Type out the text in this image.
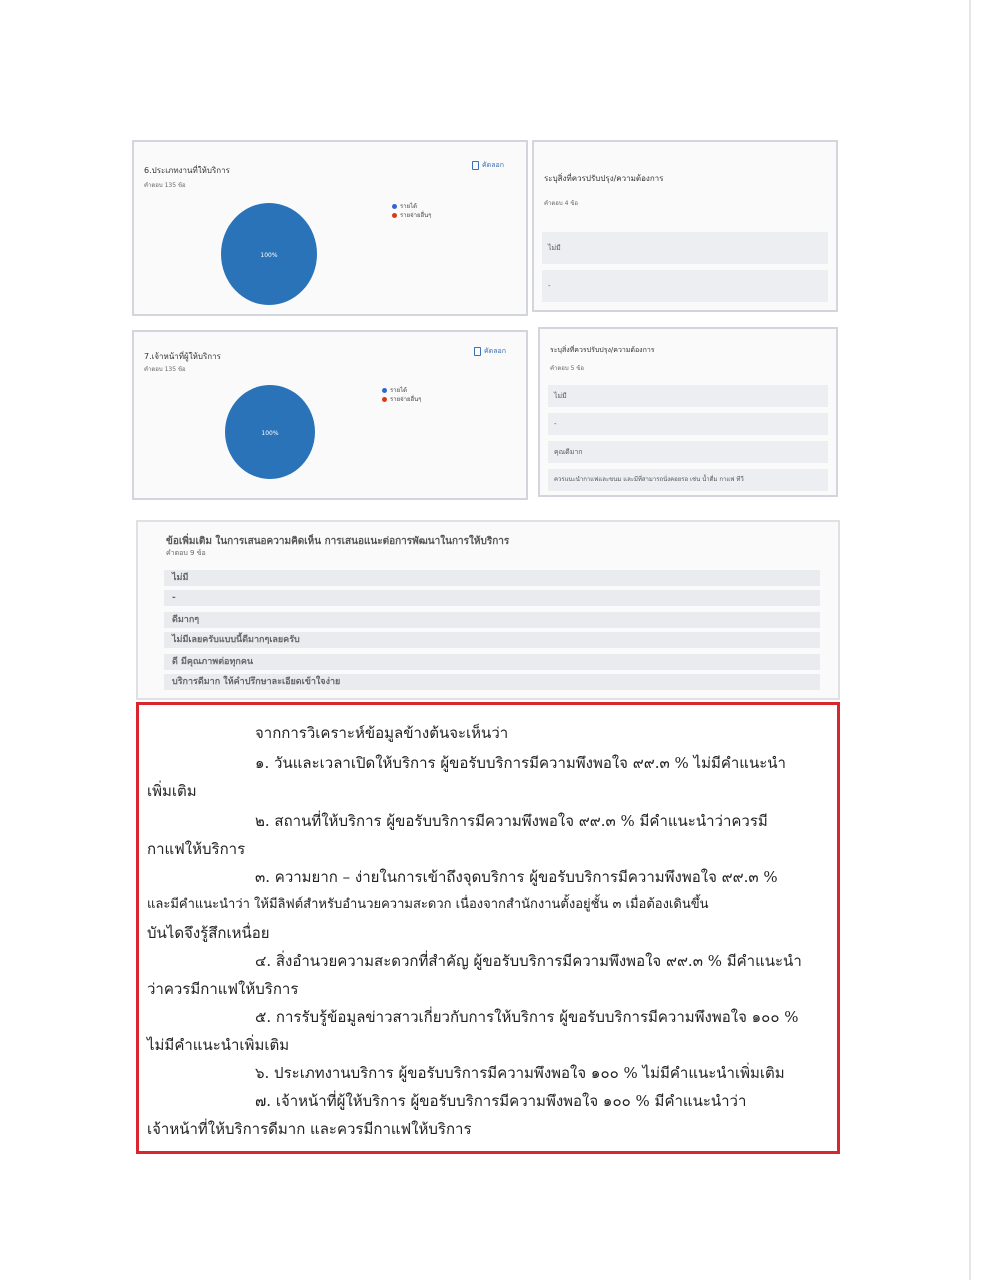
6.ประเภทงานที่ให้บริการ
คำตอบ 135 ข้อ
คัดลอก
รายได้
รายจ่ายอื่นๆ
100%
ระบุสิ่งที่ควรปรับปรุง/ความต้องการ
คำตอบ 4 ข้อ
ไม่มี
-
7.เจ้าหน้าที่ผู้ให้บริการ
คำตอบ 135 ข้อ
คัดลอก
รายได้
รายจ่ายอื่นๆ
100%
ระบุสิ่งที่ควรปรับปรุง/ความต้องการ
คำตอบ 5 ข้อ
ไม่มี
-
คุณดีมาก
ควรแนะนำกาแฟและขนม และมีที่สามารถนั่งคอยรอ เช่น น้ำดื่ม กาแฟ ทีวี
ข้อเพิ่มเติม ในการเสนอความคิดเห็น การเสนอแนะต่อการพัฒนาในการให้บริการ
คำตอบ 9 ข้อ
ไม่มี
-
ดีมากๆ
ไม่มีเลยครับแบบนี้ดีมากๆเลยครับ
ดี มีคุณภาพต่อทุกคน
บริการดีมาก ให้คำปรึกษาละเอียดเข้าใจง่าย
จากการวิเคราะห์ข้อมูลข้างต้นจะเห็นว่า
๑. วันและเวลาเปิดให้บริการ ผู้ขอรับบริการมีความพึงพอใจ ๙๙.๓ % ไม่มีคำแนะนำ
เพิ่มเติม
๒. สถานที่ให้บริการ ผู้ขอรับบริการมีความพึงพอใจ ๙๙.๓ % มีคำแนะนำว่าควรมี
กาแฟให้บริการ
๓. ความยาก – ง่ายในการเข้าถึงจุดบริการ ผู้ขอรับบริการมีความพึงพอใจ ๙๙.๓ %
และมีคำแนะนำว่า ให้มีลิฟต์สำหรับอำนวยความสะดวก เนื่องจากสำนักงานตั้งอยู่ชั้น ๓ เมื่อต้องเดินขึ้น
บันไดจึงรู้สึกเหนื่อย
๔. สิ่งอำนวยความสะดวกที่สำคัญ ผู้ขอรับบริการมีความพึงพอใจ ๙๙.๓ % มีคำแนะนำ
ว่าควรมีกาแฟให้บริการ
๕. การรับรู้ข้อมูลข่าวสาวเกี่ยวกับการให้บริการ ผู้ขอรับบริการมีความพึงพอใจ ๑๐๐ %
ไม่มีคำแนะนำเพิ่มเติม
๖. ประเภทงานบริการ ผู้ขอรับบริการมีความพึงพอใจ ๑๐๐ % ไม่มีคำแนะนำเพิ่มเติม
๗. เจ้าหน้าที่ผู้ให้บริการ ผู้ขอรับบริการมีความพึงพอใจ ๑๐๐ % มีคำแนะนำว่า
เจ้าหน้าที่ให้บริการดีมาก และควรมีกาแฟให้บริการ
